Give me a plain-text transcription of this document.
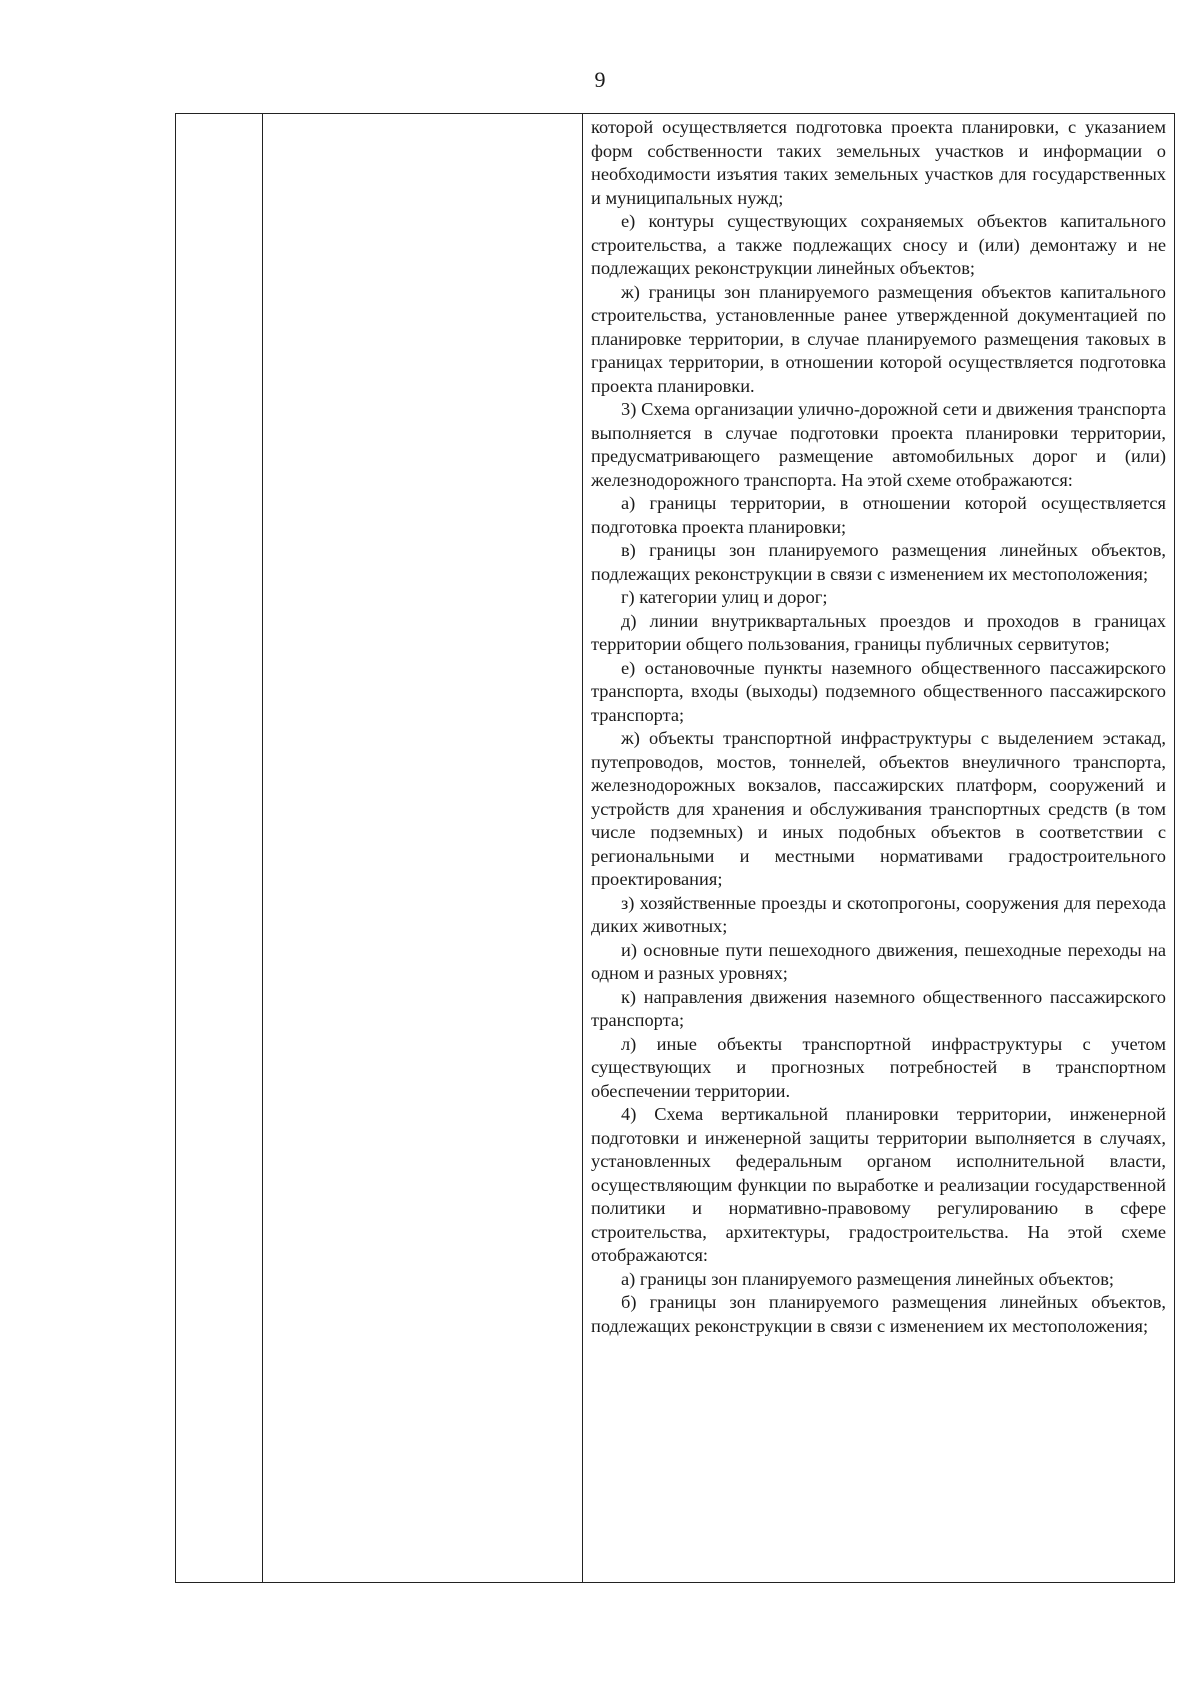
9

которой осуществляется подготовка проекта планировки, с указанием форм собственности таких земельных участков и информации о необходимости изъятия таких земельных участков для государственных и муниципальных нужд;

е) контуры существующих сохраняемых объектов капитального строительства, а также подлежащих сносу и (или) демонтажу и не подлежащих реконструкции линейных объектов;

ж) границы зон планируемого размещения объектов капитального строительства, установленные ранее утвержденной документацией по планировке территории, в случае планируемого размещения таковых в границах территории, в отношении которой осуществляется подготовка проекта планировки.

3) Схема организации улично-дорожной сети и движения транспорта выполняется в случае подготовки проекта планировки территории, предусматривающего размещение автомобильных дорог и (или) железнодорожного транспорта. На этой схеме отображаются:

а) границы территории, в отношении которой осуществляется подготовка проекта планировки;

в) границы зон планируемого размещения линейных объектов, подлежащих реконструкции в связи с изменением их местоположения;

г) категории улиц и дорог;

д) линии внутриквартальных проездов и проходов в границах территории общего пользования, границы публичных сервитутов;

е) остановочные пункты наземного общественного пассажирского транспорта, входы (выходы) подземного общественного пассажирского транспорта;

ж) объекты транспортной инфраструктуры с выделением эстакад, путепроводов, мостов, тоннелей, объектов внеуличного транспорта, железнодорожных вокзалов, пассажирских платформ, сооружений и устройств для хранения и обслуживания транспортных средств (в том числе подземных) и иных подобных объектов в соответствии с региональными и местными нормативами градостроительного проектирования;

з) хозяйственные проезды и скотопрогоны, сооружения для перехода диких животных;

и) основные пути пешеходного движения, пешеходные переходы на одном и разных уровнях;

к) направления движения наземного общественного пассажирского транспорта;

л) иные объекты транспортной инфраструктуры с учетом существующих и прогнозных потребностей в транспортном обеспечении территории.

4) Схема вертикальной планировки территории, инженерной подготовки и инженерной защиты территории выполняется в случаях, установленных федеральным органом исполнительной власти, осуществляющим функции по выработке и реализации государственной политики и нормативно-правовому регулированию в сфере строительства, архитектуры, градостроительства. На этой схеме отображаются:

а) границы зон планируемого размещения линейных объектов;

б) границы зон планируемого размещения линейных объектов, подлежащих реконструкции в связи с изменением их местоположения;
